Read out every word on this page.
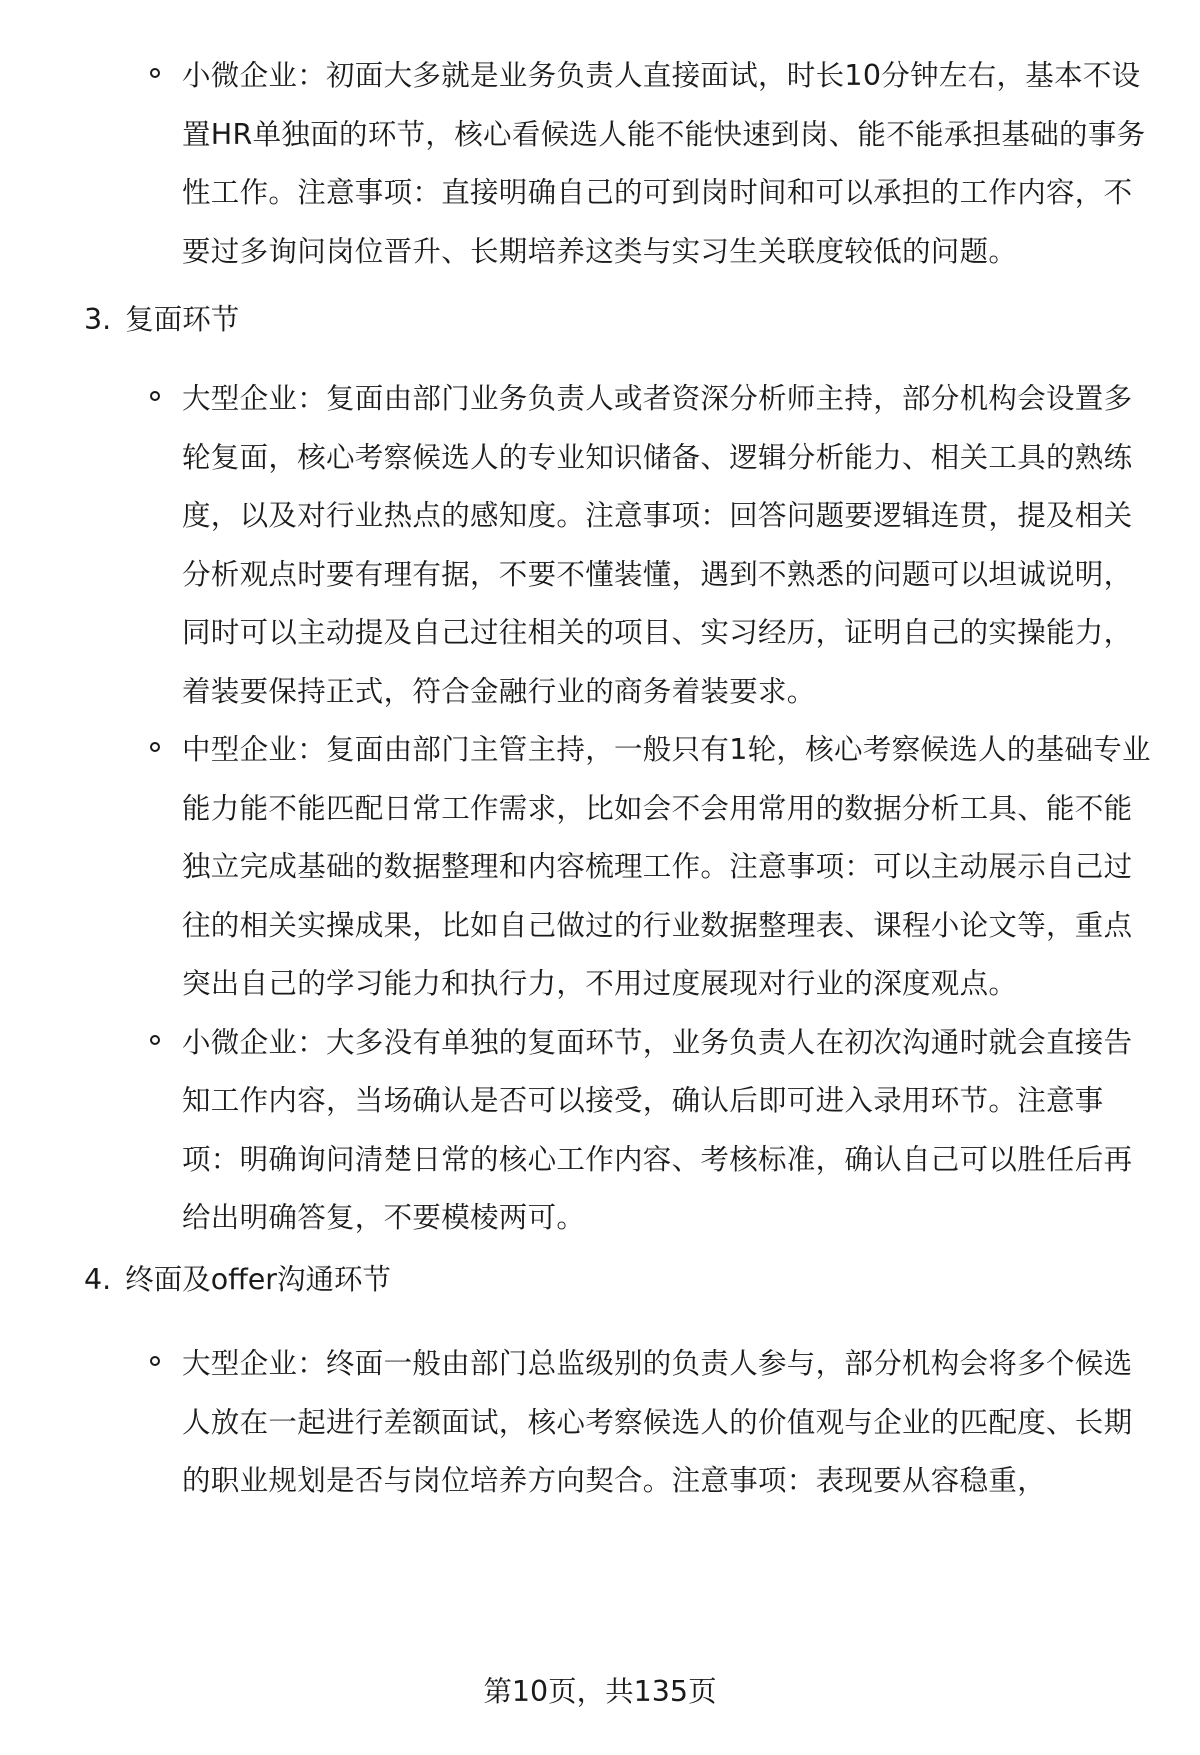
小微企业：初面大多就是业务负责人直接面试，时长10分钟左右，基本不设置HR单独面的环节，核心看候选人能不能快速到岗、能不能承担基础的事务性工作。注意事项：直接明确自己的可到岗时间和可以承担的工作内容，不要过多询问岗位晋升、长期培养这类与实习生关联度较低的问题。
3. 复面环节
大型企业：复面由部门业务负责人或者资深分析师主持，部分机构会设置多轮复面，核心考察候选人的专业知识储备、逻辑分析能力、相关工具的熟练度，以及对行业热点的感知度。注意事项：回答问题要逻辑连贯，提及相关分析观点时要有理有据，不要不懂装懂，遇到不熟悉的问题可以坦诚说明，同时可以主动提及自己过往相关的项目、实习经历，证明自己的实操能力，着装要保持正式，符合金融行业的商务着装要求。
中型企业：复面由部门主管主持，一般只有1轮，核心考察候选人的基础专业能力能不能匹配日常工作需求，比如会不会用常用的数据分析工具、能不能独立完成基础的数据整理和内容梳理工作。注意事项：可以主动展示自己过往的相关实操成果，比如自己做过的行业数据整理表、课程小论文等，重点突出自己的学习能力和执行力，不用过度展现对行业的深度观点。
小微企业：大多没有单独的复面环节，业务负责人在初次沟通时就会直接告知工作内容，当场确认是否可以接受，确认后即可进入录用环节。注意事项：明确询问清楚日常的核心工作内容、考核标准，确认自己可以胜任后再给出明确答复，不要模棱两可。
4. 终面及offer沟通环节
大型企业：终面一般由部门总监级别的负责人参与，部分机构会将多个候选人放在一起进行差额面试，核心考察候选人的价值观与企业的匹配度、长期的职业规划是否与岗位培养方向契合。注意事项：表现要从容稳重，
第10页，共135页
